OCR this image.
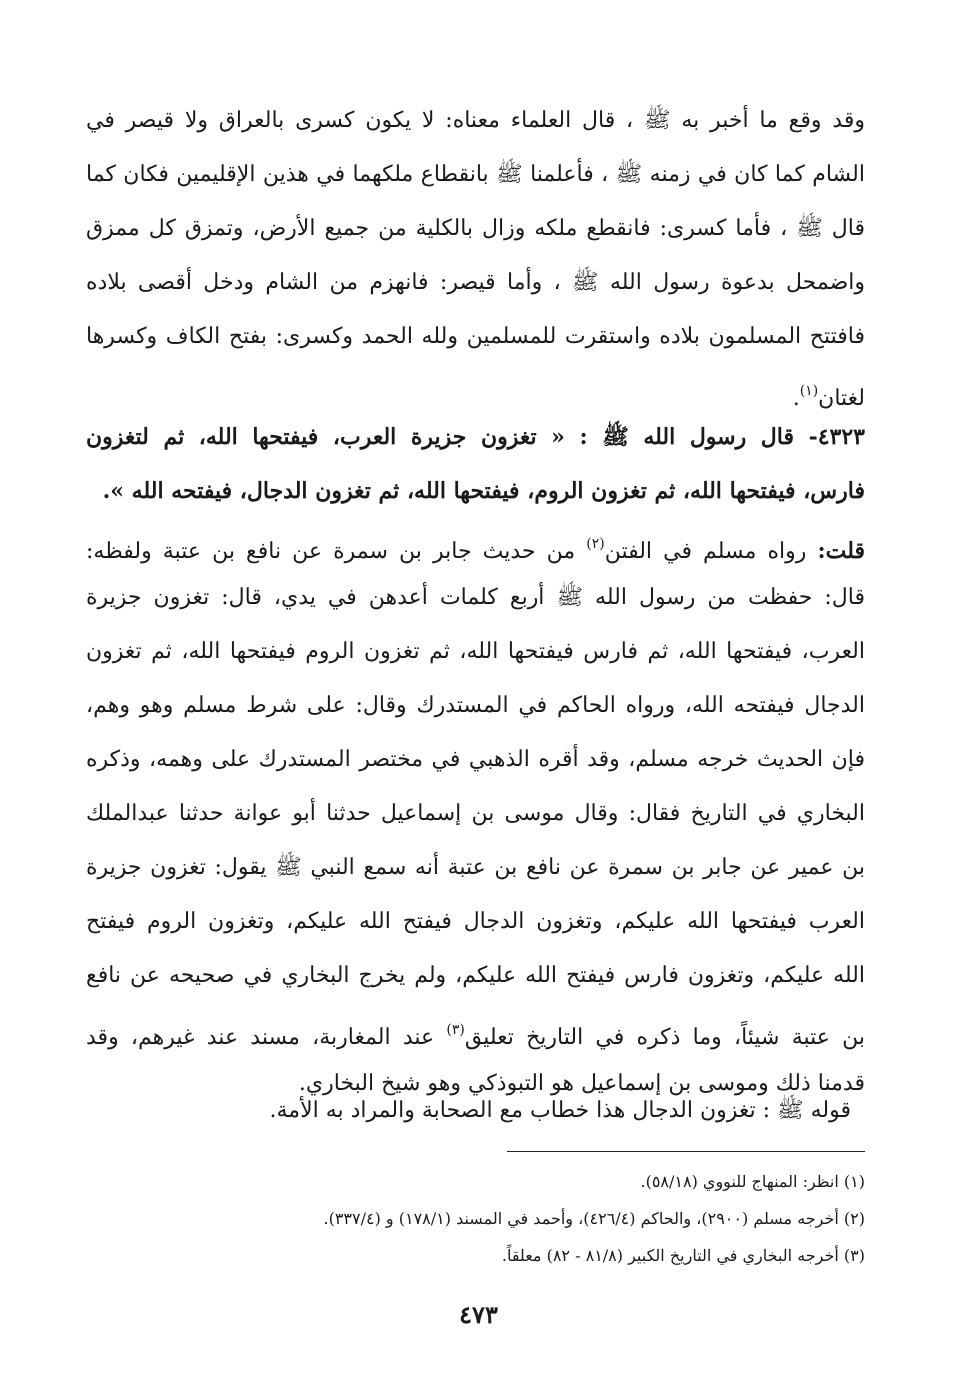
وقد وقع ما أخبر به ﷺ ، قال العلماء معناه: لا يكون كسرى بالعراق ولا قيصر في
الشام كما كان في زمنه ﷺ ، فأعلمنا ﷺ بانقطاع ملكهما في هذين الإقليمين فكان كما
قال ﷺ ، فأما كسرى: فانقطع ملكه وزال بالكلية من جميع الأرض، وتمزق كل ممزق
واضمحل بدعوة رسول الله ﷺ ، وأما قيصر: فانهزم من الشام ودخل أقصى بلاده
فافتتح المسلمون بلاده واستقرت للمسلمين ولله الحمد وكسرى: بفتح الكاف وكسرها
لغتان$^{(١)}$.
٤٣٢٣- قال رسول الله ﷺ : « تغزون جزيرة العرب، فيفتحها الله، ثم لتغزون
فارس، فيفتحها الله، ثم تغزون الروم، فيفتحها الله، ثم تغزون الدجال، فيفتحه الله ».
قلت: رواه مسلم في الفتن$^{(٢)}$ من حديث جابر بن سمرة عن نافع بن عتبة ولفظه:
قال: حفظت من رسول الله ﷺ أربع كلمات أعدهن في يدي، قال: تغزون جزيرة
العرب، فيفتحها الله، ثم فارس فيفتحها الله، ثم تغزون الروم فيفتحها الله، ثم تغزون
الدجال فيفتحه الله، ورواه الحاكم في المستدرك وقال: على شرط مسلم وهو وهم،
فإن الحديث خرجه مسلم، وقد أقره الذهبي في مختصر المستدرك على وهمه، وذكره
البخاري في التاريخ فقال: وقال موسى بن إسماعيل حدثنا أبو عوانة حدثنا عبدالملك
بن عمير عن جابر بن سمرة عن نافع بن عتبة أنه سمع النبي ﷺ يقول: تغزون جزيرة
العرب فيفتحها الله عليكم، وتغزون الدجال فيفتح الله عليكم، وتغزون الروم فيفتح
الله عليكم، وتغزون فارس فيفتح الله عليكم، ولم يخرج البخاري في صحيحه عن نافع
بن عتبة شيئاً، وما ذكره في التاريخ تعليق$^{(٣)}$ عند المغاربة، مسند عند غيرهم، وقد
قدمنا ذلك وموسى بن إسماعيل هو التبوذكي وهو شيخ البخاري.
قوله ﷺ : تغزون الدجال هذا خطاب مع الصحابة والمراد به الأمة.
(١) انظر: المنهاج للنووي (٥٨/١٨).
(٢) أخرجه مسلم (٢٩٠٠)، والحاكم (٤٢٦/٤)، وأحمد في المسند (١٧٨/١) و (٣٣٧/٤).
(٣) أخرجه البخاري في التاريخ الكبير (٨١/٨ - ٨٢) معلقاً.
٤٧٣
